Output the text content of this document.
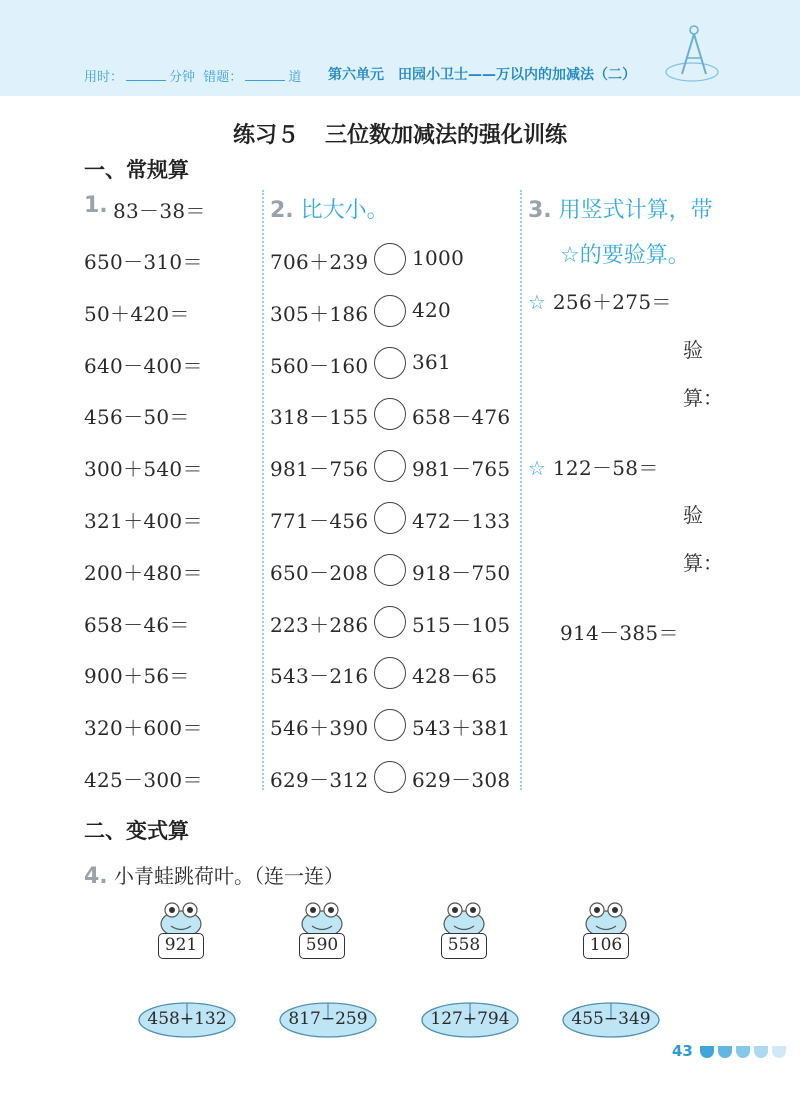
用时：	分钟 错题：	道 第六单元　田园小卫士——万以内的加减法（二）
练习５ 三位数加减法的强化训练
一、常规算
1. 83－38＝
650－310＝
50＋420＝
640－400＝
456－50＝
300＋540＝
321＋400＝
200＋480＝
658－46＝
900＋56＝
320＋600＝
425－300＝
2. 比大小。
706＋239 1000
305＋186 420
560－160 361
318－155 658－476
981－756 981－765
771－456 472－133
650－208 918－750
223＋286 515－105
543－216 428－65
546＋390 543＋381
629－312 629－308
3. 用竖式计算，带
☆的要验算。
☆ 256＋275＝
验
算：
☆ 122－58＝
验
算：
914－385＝
二、变式算
4. 小青蛙跳荷叶。（连一连）
921	590	558	106
458+132	817−259	127+794	455−349
43
